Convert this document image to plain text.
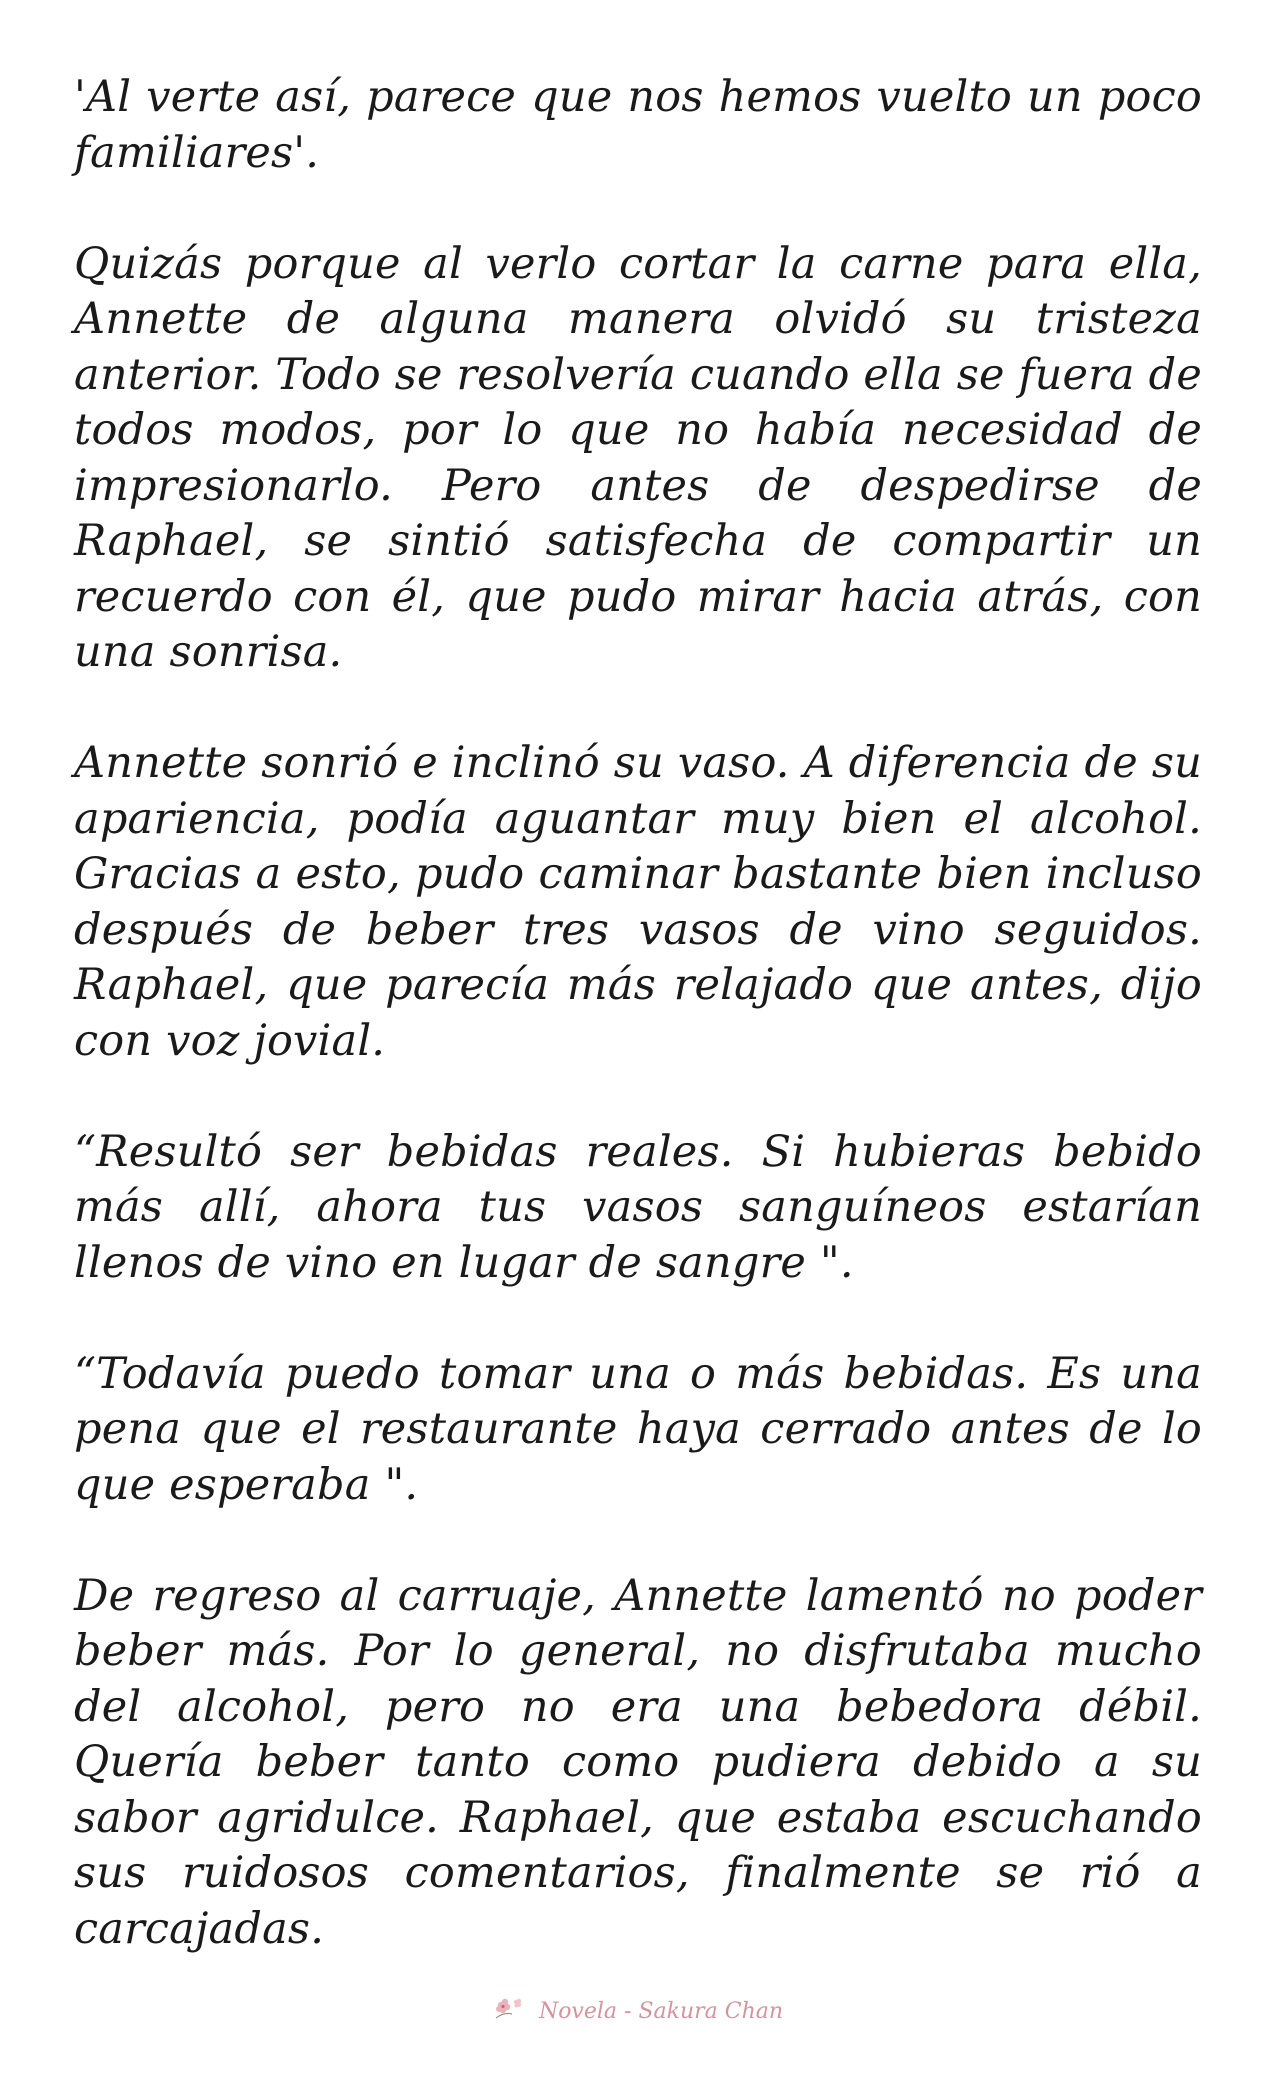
'Al verte así, parece que nos hemos vuelto un poco familiares'.

Quizás porque al verlo cortar la carne para ella, Annette de alguna manera olvidó su tristeza anterior. Todo se resolvería cuando ella se fuera de todos modos, por lo que no había necesidad de impresionarlo. Pero antes de despedirse de Raphael, se sintió satisfecha de compartir un recuerdo con él, que pudo mirar hacia atrás, con una sonrisa.

Annette sonrió e inclinó su vaso. A diferencia de su apariencia, podía aguantar muy bien el alcohol. Gracias a esto, pudo caminar bastante bien incluso después de beber tres vasos de vino seguidos. Raphael, que parecía más relajado que antes, dijo con voz jovial.

“Resultó ser bebidas reales. Si hubieras bebido más allí, ahora tus vasos sanguíneos estarían llenos de vino en lugar de sangre ".

“Todavía puedo tomar una o más bebidas. Es una pena que el restaurante haya cerrado antes de lo que esperaba ".

De regreso al carruaje, Annette lamentó no poder beber más. Por lo general, no disfrutaba mucho del alcohol, pero no era una bebedora débil. Quería beber tanto como pudiera debido a su sabor agridulce. Raphael, que estaba escuchando sus ruidosos comentarios, finalmente se rió a carcajadas.

Novela - Sakura Chan
